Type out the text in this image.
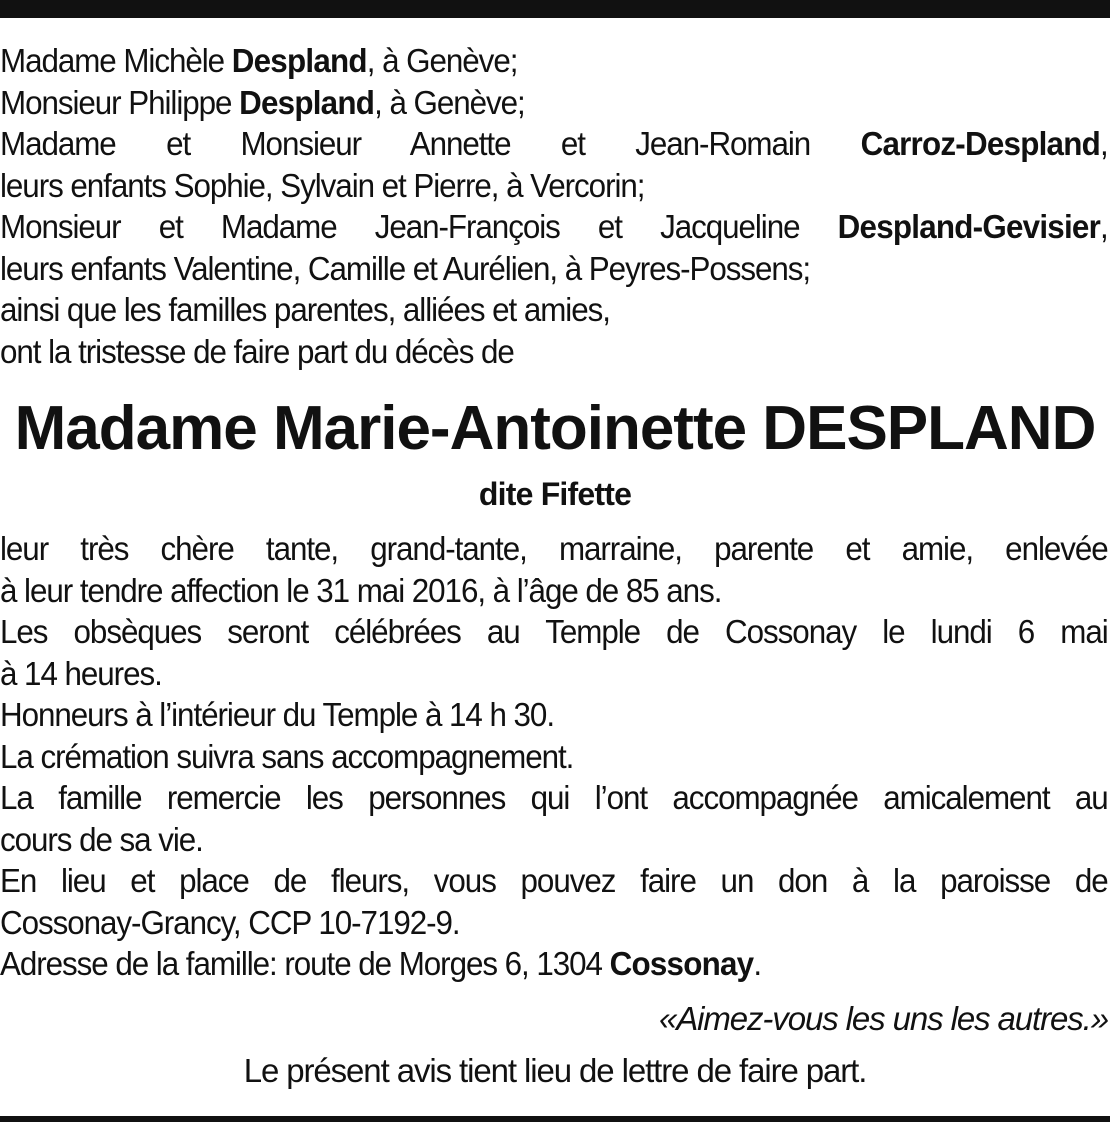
Madame Michèle Despland, à Genève;
Monsieur Philippe Despland, à Genève;
Madame et Monsieur Annette et Jean-Romain Carroz-Despland,
leurs enfants Sophie, Sylvain et Pierre, à Vercorin;
Monsieur et Madame Jean-François et Jacqueline Despland-Gevisier,
leurs enfants Valentine, Camille et Aurélien, à Peyres-Possens;
ainsi que les familles parentes, alliées et amies,
ont la tristesse de faire part du décès de
Madame Marie-Antoinette DESPLAND
dite Fifette
leur très chère tante, grand-tante, marraine, parente et amie, enlevée
à leur tendre affection le 31 mai 2016, à l’âge de 85 ans.
Les obsèques seront célébrées au Temple de Cossonay le lundi 6 mai
à 14 heures.
Honneurs à l’intérieur du Temple à 14 h 30.
La crémation suivra sans accompagnement.
La famille remercie les personnes qui l’ont accompagnée amicalement au
cours de sa vie.
En lieu et place de fleurs, vous pouvez faire un don à la paroisse de
Cossonay-Grancy, CCP 10-7192-9.
Adresse de la famille: route de Morges 6, 1304 Cossonay.
«Aimez-vous les uns les autres.»
Le présent avis tient lieu de lettre de faire part.
